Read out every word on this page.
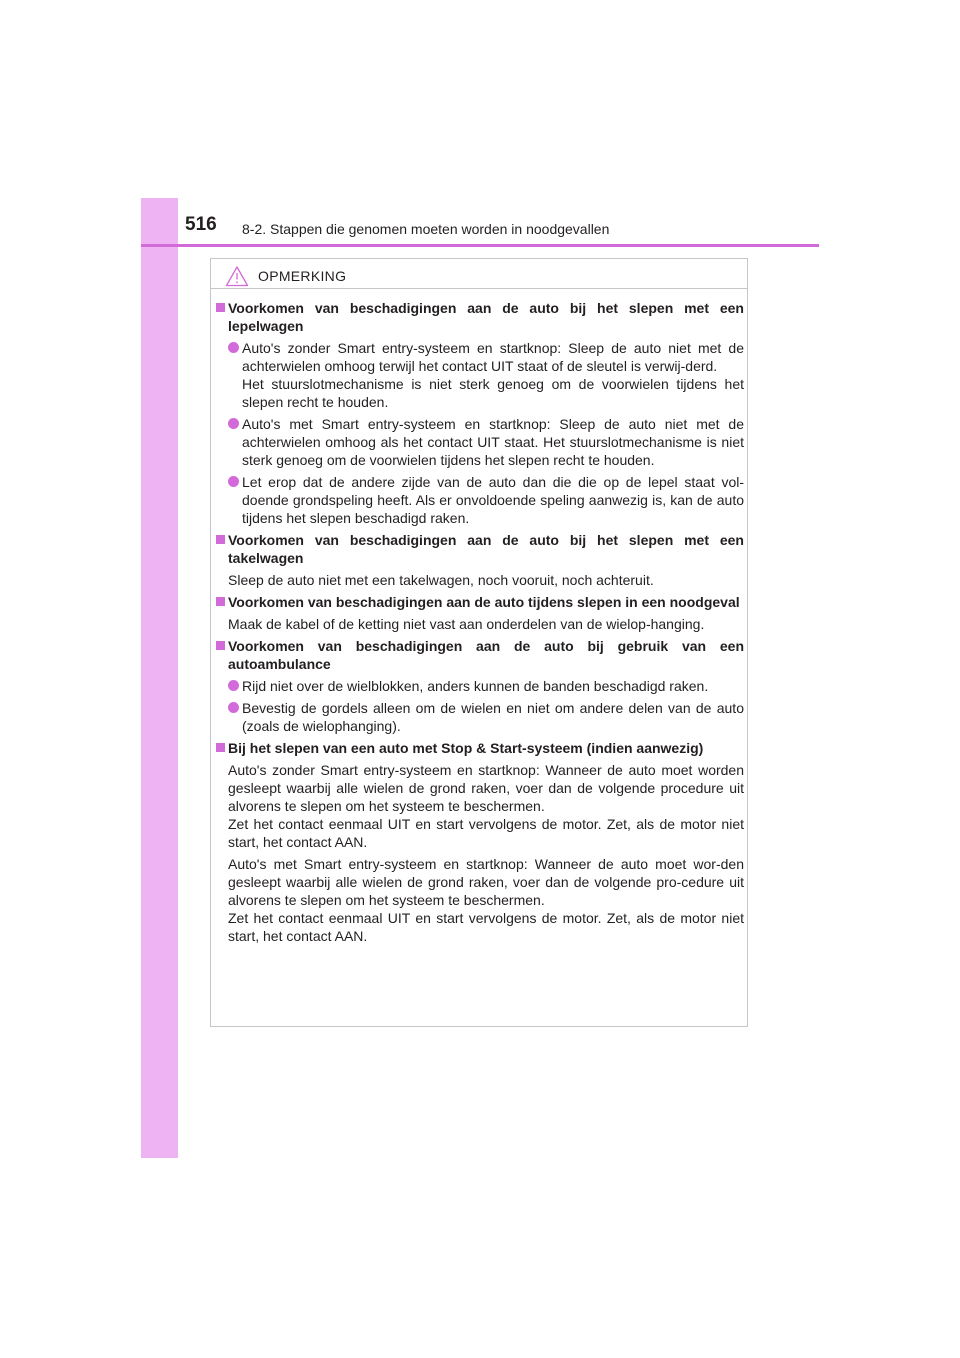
516 8-2. Stappen die genomen moeten worden in noodgevallen
OPMERKING
Voorkomen van beschadigingen aan de auto bij het slepen met een lepelwagen
Auto's zonder Smart entry-systeem en startknop: Sleep de auto niet met de achterwielen omhoog terwijl het contact UIT staat of de sleutel is verwij-derd.
Het stuurslotmechanisme is niet sterk genoeg om de voorwielen tijdens het slepen recht te houden.
Auto's met Smart entry-systeem en startknop: Sleep de auto niet met de achterwielen omhoog als het contact UIT staat. Het stuurslotmechanisme is niet sterk genoeg om de voorwielen tijdens het slepen recht te houden.
Let erop dat de andere zijde van de auto dan die die op de lepel staat vol-doende grondspeling heeft. Als er onvoldoende speling aanwezig is, kan de auto tijdens het slepen beschadigd raken.
Voorkomen van beschadigingen aan de auto bij het slepen met een takelwagen
Sleep de auto niet met een takelwagen, noch vooruit, noch achteruit.
Voorkomen van beschadigingen aan de auto tijdens slepen in een noodgeval
Maak de kabel of de ketting niet vast aan onderdelen van de wielop-hanging.
Voorkomen van beschadigingen aan de auto bij gebruik van een autoambulance
Rijd niet over de wielblokken, anders kunnen de banden beschadigd raken.
Bevestig de gordels alleen om de wielen en niet om andere delen van de auto (zoals de wielophanging).
Bij het slepen van een auto met Stop & Start-systeem (indien aanwezig)
Auto's zonder Smart entry-systeem en startknop: Wanneer de auto moet worden gesleept waarbij alle wielen de grond raken, voer dan de volgende procedure uit alvorens te slepen om het systeem te beschermen.
Zet het contact eenmaal UIT en start vervolgens de motor. Zet, als de motor niet start, het contact AAN.
Auto's met Smart entry-systeem en startknop: Wanneer de auto moet wor-den gesleept waarbij alle wielen de grond raken, voer dan de volgende pro-cedure uit alvorens te slepen om het systeem te beschermen.
Zet het contact eenmaal UIT en start vervolgens de motor. Zet, als de motor niet start, het contact AAN.
